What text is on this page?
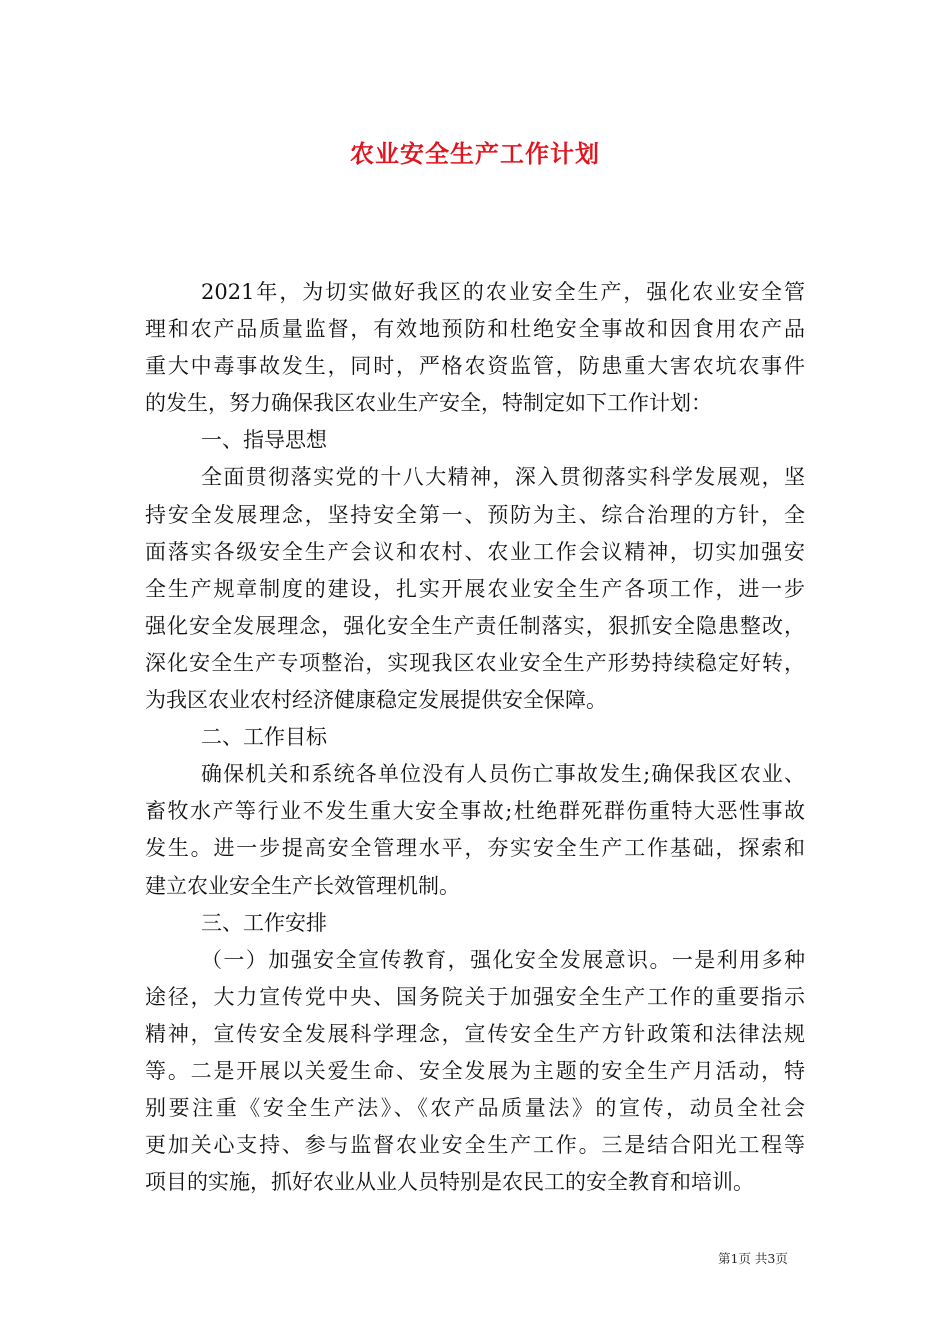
农业安全生产工作计划
2021年，为切实做好我区的农业安全生产，强化农业安全管
理和农产品质量监督，有效地预防和杜绝安全事故和因食用农产品
重大中毒事故发生，同时，严格农资监管，防患重大害农坑农事件
的发生，努力确保我区农业生产安全，特制定如下工作计划：
一、指导思想
全面贯彻落实党的十八大精神，深入贯彻落实科学发展观，坚
持安全发展理念，坚持安全第一、预防为主、综合治理的方针，全
面落实各级安全生产会议和农村、农业工作会议精神，切实加强安
全生产规章制度的建设，扎实开展农业安全生产各项工作，进一步
强化安全发展理念，强化安全生产责任制落实，狠抓安全隐患整改，
深化安全生产专项整治，实现我区农业安全生产形势持续稳定好转，
为我区农业农村经济健康稳定发展提供安全保障。
二、工作目标
确保机关和系统各单位没有人员伤亡事故发生;确保我区农业、
畜牧水产等行业不发生重大安全事故;杜绝群死群伤重特大恶性事故
发生。进一步提高安全管理水平，夯实安全生产工作基础，探索和
建立农业安全生产长效管理机制。
三、工作安排
（一）加强安全宣传教育，强化安全发展意识。一是利用多种
途径，大力宣传党中央、国务院关于加强安全生产工作的重要指示
精神，宣传安全发展科学理念，宣传安全生产方针政策和法律法规
等。二是开展以关爱生命、安全发展为主题的安全生产月活动，特
别要注重《安全生产法》、《农产品质量法》的宣传，动员全社会
更加关心支持、参与监督农业安全生产工作。三是结合阳光工程等
项目的实施，抓好农业从业人员特别是农民工的安全教育和培训。
第1页 共3页
